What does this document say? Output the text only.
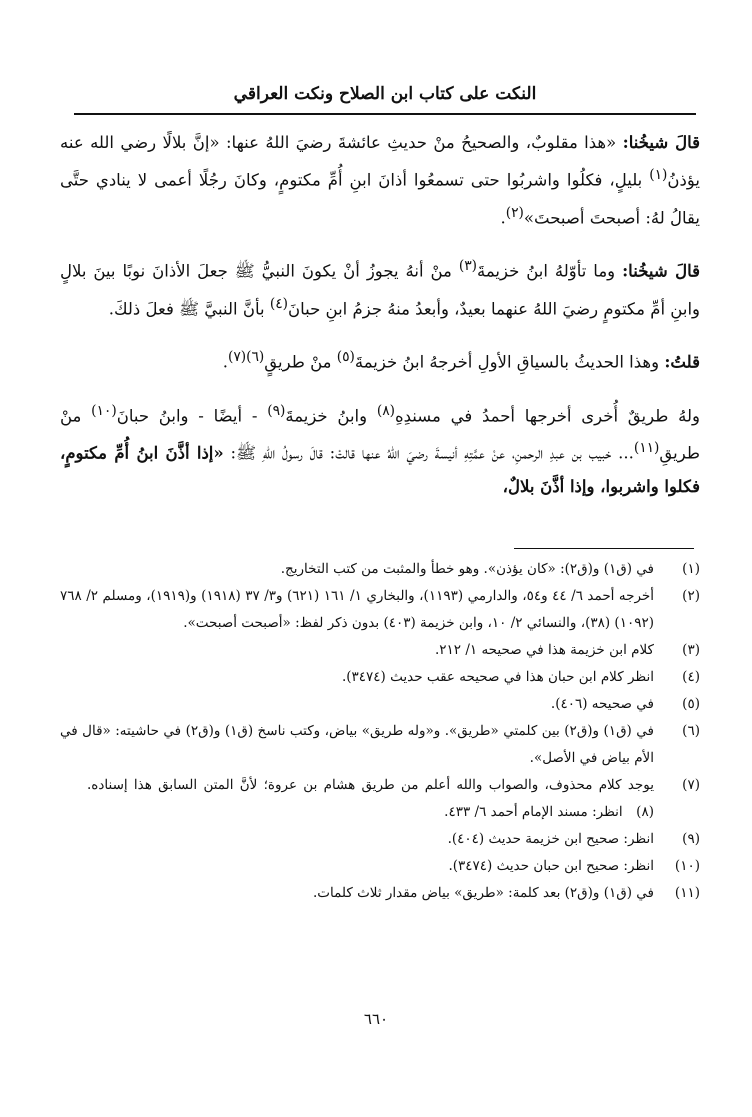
النكت على كتاب ابن الصلاح ونكت العراقي

قالَ شيخُنا: «هذا مقلوبٌ، والصحيحُ منْ حديثِ عائشةَ رضيَ اللهُ عنها: «إنَّ بلالًا رضي الله عنه يؤذنُ$^{(١)}$ بليلٍ، فكلُوا واشربُوا حتى تسمعُوا أذانَ ابنِ أُمِّ مكتومٍ، وكانَ رجُلًا أعمى لا ينادي حتَّى يقالُ لهُ: أصبحتَ أصبحتَ»$^{(٢)}$.

قالَ شيخُنا: وما تأوّلهُ ابنُ خزيمةَ$^{(٣)}$ منْ أنهُ يجوزُ أنْ يكونَ النبيُّ ﷺ جعلَ الأذانَ نوبًا بينَ بلالٍ وابنِ أمِّ مكتومٍ رضيَ اللهُ عنهما بعيدٌ، وأبعدُ منهُ جزمُ ابنِ حبانَ$^{(٤)}$ بأنَّ النبيَّ ﷺ فعلَ ذلكَ.

قلتُ: وهذا الحديثُ بالسياقِ الأولِ أخرجهُ ابنُ خزيمةَ$^{(٥)}$ منْ طريقٍ$^{(٦)(٧)}$.

ولهُ طريقٌ أُخرى أخرجها أحمدُ في مسندِهِ$^{(٨)}$ وابنُ خزيمةَ$^{(٩)}$ - أيضًا - وابنُ حبانَ$^{(١٠)}$ منْ طريقِ$^{(١١)}$... خبيب بن عبدِ الرحمنِ، عنْ عمَّتِهِ أنيسةَ رضيَ اللهُ عنها قالتْ: قالَ رسولُ اللهِ ﷺ: «إذا أذَّنَ ابنُ أُمِّ مكتومٍ، فكلوا واشربوا، وإذا أذَّنَ بلالٌ،

(١)
في (ق١) و(ق٢): «كان يؤذن». وهو خطأ والمثبت من كتب التخاريج.
(٢)
أخرجه أحمد ٦/ ٤٤ و٥٤، والدارمي (١١٩٣)، والبخاري ١/ ١٦١ (٦٢١) و٣/ ٣٧ (١٩١٨) و(١٩١٩)، ومسلم ٢/ ٧٦٨ (١٠٩٢) (٣٨)، والنسائي ٢/ ١٠، وابن خزيمة (٤٠٣) بدون ذكر لفظ: «أصبحت أصبحت».
(٣)
كلام ابن خزيمة هذا في صحيحه ١/ ٢١٢.
(٤)
انظر كلام ابن حبان هذا في صحيحه عقب حديث (٣٤٧٤).
(٥)
في صحيحه (٤٠٦).
(٦)
في (ق١) و(ق٢) بين كلمتي «طريق». و«وله طريق» بياض، وكتب ناسخ (ق١) و(ق٢) في حاشيته: «قال في الأم بياض في الأصل».
(٧)
يوجد كلام محذوف، والصواب والله أعلم من طريق هشام بن عروة؛ لأنَّ المتن السابق هذا إسناده.  (٨) انظر: مسند الإمام أحمد ٦/ ٤٣٣.
(٩)
انظر: صحيح ابن خزيمة حديث (٤٠٤).
(١٠)
انظر: صحيح ابن حبان حديث (٣٤٧٤).
(١١)
في (ق١) و(ق٢) بعد كلمة: «طريق» بياض مقدار ثلاث كلمات.
٦٦٠
